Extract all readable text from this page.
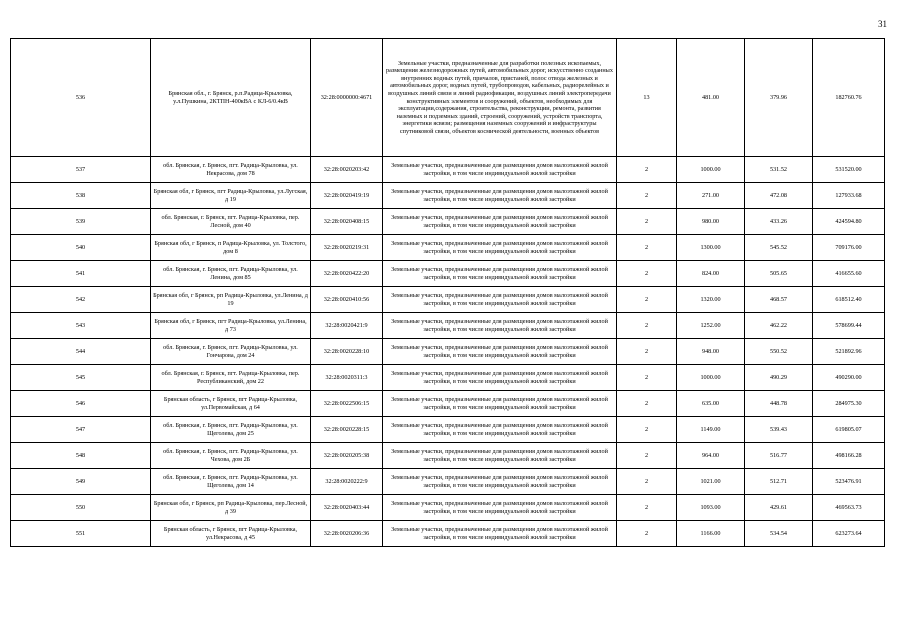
31
536	Брянская обл., г. Брянск, р.п.Радица-Крыловка, у.л.Пушкина, 2КТПН-400кВА с КЛ-6/0.4кВ	32:28:0000000:4671	Земельные участки, предназначенные для разработки полезных ископаемых, размещения железнодорожных путей, автомобильных дорог, искусственно созданных внутренних водных путей, причалов, пристаней, полос отвода железных и автомобильных дорог, водных путей, трубопроводов, кабельных, радиорелейных и воздушных линий связи и линий радиофикации, воздушных линий электропередачи конструктивных элементов и сооружений, объектов, необходимых для эксплуатации,содержания, строительства, реконструкции, ремонта, развития наземных и подземных зданий, строений, сооружений, устройств транспорта, энергетики ясвязи; размещения наземных сооружений и инфраструктуры спутниковой связи, объектов космической деятельности, военных объектов	13	481.00	379.96	182760.76
537	обл. Брянская, г. Брянск, пгт. Радица-Крыловка, ул. Некрасова, дом 78	32:28:0020203:42	Земельные участки, предназначенные для размещения домов малоэтажной жилой застройки, в том числе индивидуальной жилой застройки	2	1000.00	531.52	531520.00
538	Брянская обл, г Брянск, пгт Радица-Крыловка, ул.Лугская, д 19	32:28:0020419:19	Земельные участки, предназначенные для размещения домов малоэтажной жилой застройки, в том числе индивидуальной жилой застройки	2	271.00	472.08	127933.68
539	обл. Брянская, г. Брянск, пгт. Радица-Крыловка, пер. Лесной, дом 40	32:28:0020408:15	Земельные участки, предназначенные для размещения домов малоэтажной жилой застройки, в том числе индивидуальной жилой застройки	2	980.00	433.26	424594.80
540	Брянская обл, г Брянск, п Радица-Крыловка, ул. Толстого, дом 8	32:28:0020219:31	Земельные участки, предназначенные для размещения домов малоэтажной жилой застройки, в том числе индивидуальной жилой застройки	2	1300.00	545.52	709176.00
541	обл. Брянская, г. Брянск, пгт. Радица-Крыловка, ул. Ленина, дом 85	32:28:0020422:20	Земельные участки, предназначенные для размещения домов малоэтажной жилой застройки, в том числе индивидуальной жилой застройки	2	824.00	505.65	416655.60
542	Брянская обл, г Брянск, рп Радица-Крыловка, ул.Ленина, д 19	32:28:0020410:56	Земельные участки, предназначенные для размещения домов малоэтажной жилой застройки, в том числе индивидуальной жилой застройки	2	1320.00	468.57	618512.40
543	Брянская обл, г Брянск, пгт Радица-Крыловка, ул.Ленина, д 73	32:28:0020421:9	Земельные участки, предназначенные для размещения домов малоэтажной жилой застройки, в том числе индивидуальной жилой застройки	2	1252.00	462.22	578699.44
544	обл. Брянская, г. Брянск, пгт. Радица-Крыловка, ул. Гончарова, дом 24	32:28:0020228:10	Земельные участки, предназначенные для размещения домов малоэтажной жилой застройки, в том числе индивидуальной жилой застройки	2	948.00	550.52	521892.96
545	обл. Брянская, г. Брянск, пгт. Радица-Крыловка, пер. Республиканский, дом 22	32:28:0020311:3	Земельные участки, предназначенные для размещения домов малоэтажной жилой застройки, в том числе индивидуальной жилой застройки	2	1000.00	490.29	490290.00
546	Брянская область, г Брянск, пгт Радица-Крыловка, ул.Первомайская, д 64	32:28:0022506:15	Земельные участки, предназначенные для размещения домов малоэтажной жилой застройки, в том числе индивидуальной жилой застройки	2	635.00	448.78	284975.30
547	обл. Брянская, г. Брянск, пгт. Радица-Крыловка, ул. Щеголева, дом 25	32:28:0020228:15	Земельные участки, предназначенные для размещения домов малоэтажной жилой застройки, в том числе индивидуальной жилой застройки	2	1149.00	539.43	619805.07
548	обл. Брянская, г. Брянск, пгт. Радица-Крыловка, ул. Чехова, дом 2Б	32:28:0020205:38	Земельные участки, предназначенные для размещения домов малоэтажной жилой застройки, в том числе индивидуальной жилой застройки	2	964.00	516.77	498166.28
549	обл. Брянская, г. Брянск, пгт. Радица-Крыловка, ул. Щеголева, дом 14	32:28:0020222:9	Земельные участки, предназначенные для размещения домов малоэтажной жилой застройки, в том числе индивидуальной жилой застройки	2	1021.00	512.71	523476.91
550	Брянская обл, г Брянск, рп Радица-Крыловка, пер.Лесной, д 39	32:28:0020403:44	Земельные участки, предназначенные для размещения домов малоэтажной жилой застройки, в том числе индивидуальной жилой застройки	2	1093.00	429.61	469563.73
551	Брянская область, г Брянск, пгт Радица-Крыловка, ул.Некрасова, д 45	32:28:0020206:36	Земельные участки, предназначенные для размещения домов малоэтажной жилой застройки, в том числе индивидуальной жилой застройки	2	1166.00	534.54	623273.64
